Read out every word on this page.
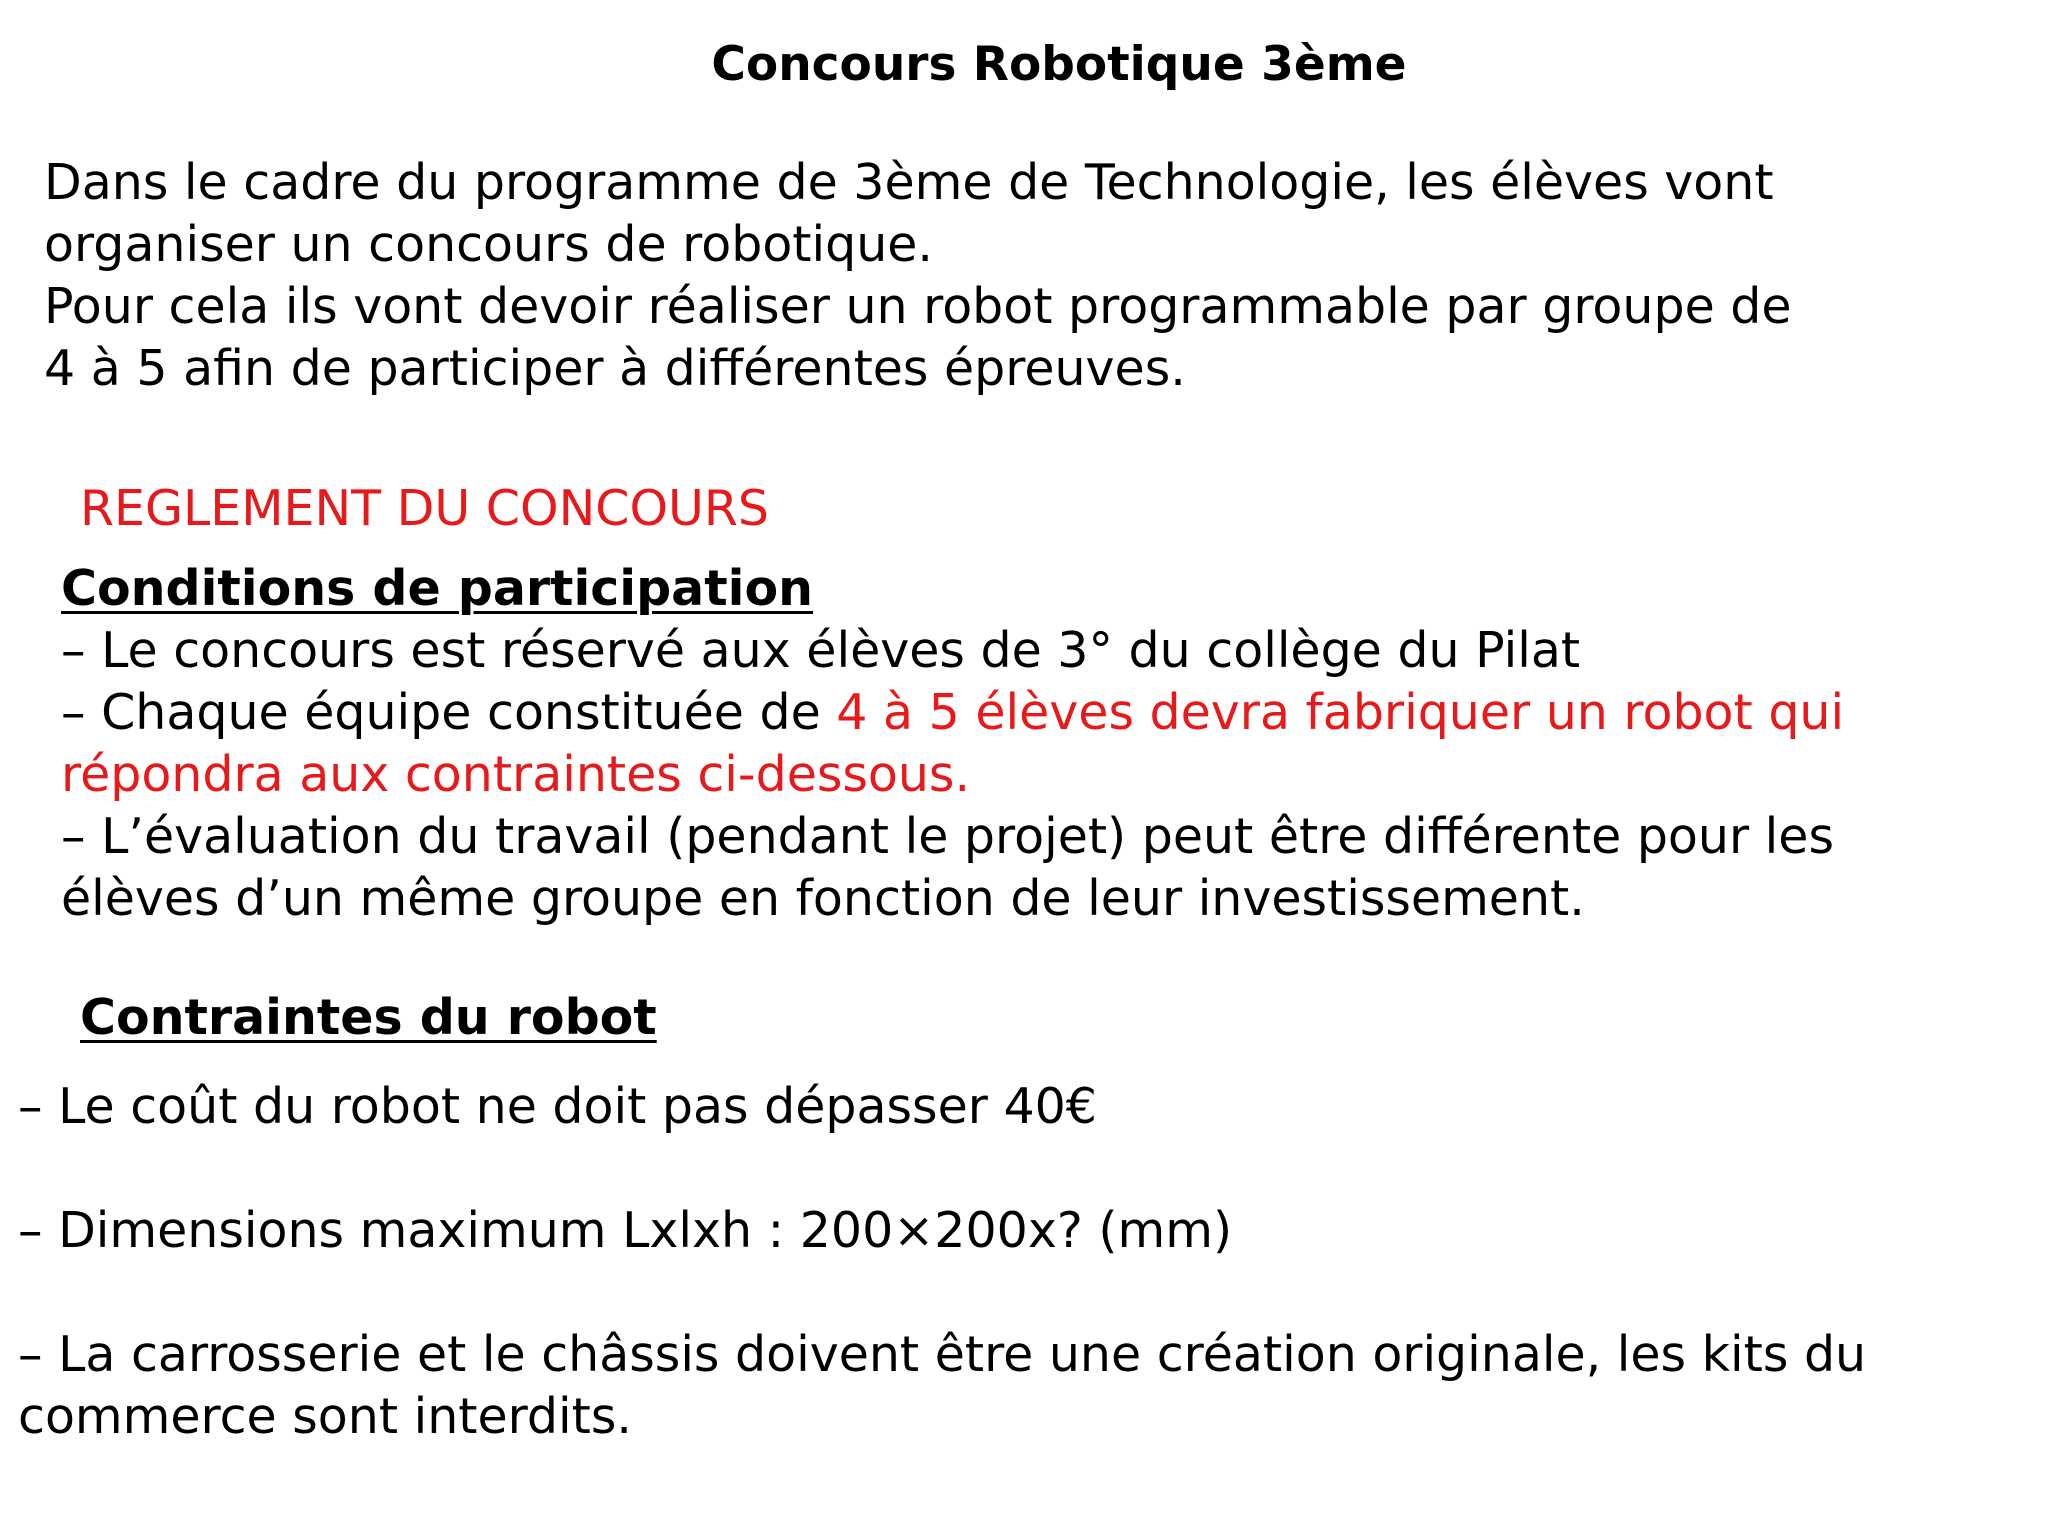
Concours Robotique 3ème

Dans le cadre du programme de 3ème de Technologie, les élèves vont

organiser un concours de robotique.

Pour cela ils vont devoir réaliser un robot programmable par groupe de

4 à 5 afin de participer à différentes épreuves.

REGLEMENT DU CONCOURS

Conditions de participation

– Le concours est réservé aux élèves de 3° du collège du Pilat

– Chaque équipe constituée de 4 à 5 élèves devra fabriquer un robot qui

répondra aux contraintes ci-dessous.

– L’évaluation du travail (pendant le projet) peut être différente pour les

élèves d’un même groupe en fonction de leur investissement.

Contraintes du robot

– Le coût du robot ne doit pas dépasser 40€

– Dimensions maximum Lxlxh : 200×200x? (mm)

– La carrosserie et le châssis doivent être une création originale, les kits du

commerce sont interdits.
